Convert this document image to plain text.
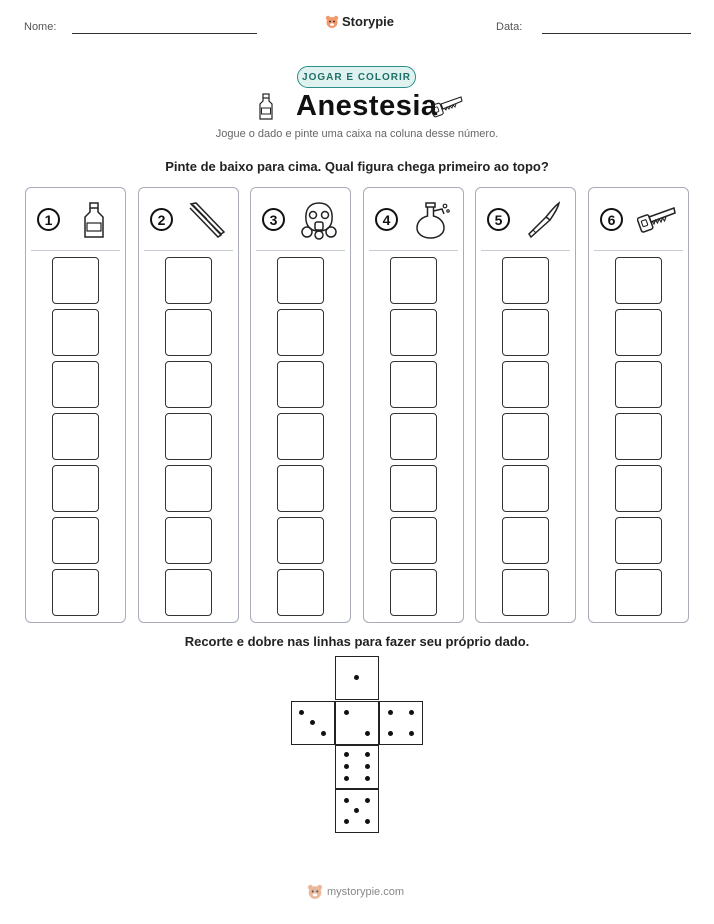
Nome:	Storypie	Data:
JOGAR E COLORIR
Anestesia
Jogue o dado e pinte uma caixa na coluna desse número.
Pinte de baixo para cima. Qual figura chega primeiro ao topo?
1	2	3	4	5	6
Recorte e dobre nas linhas para fazer seu próprio dado.
mystorypie.com
